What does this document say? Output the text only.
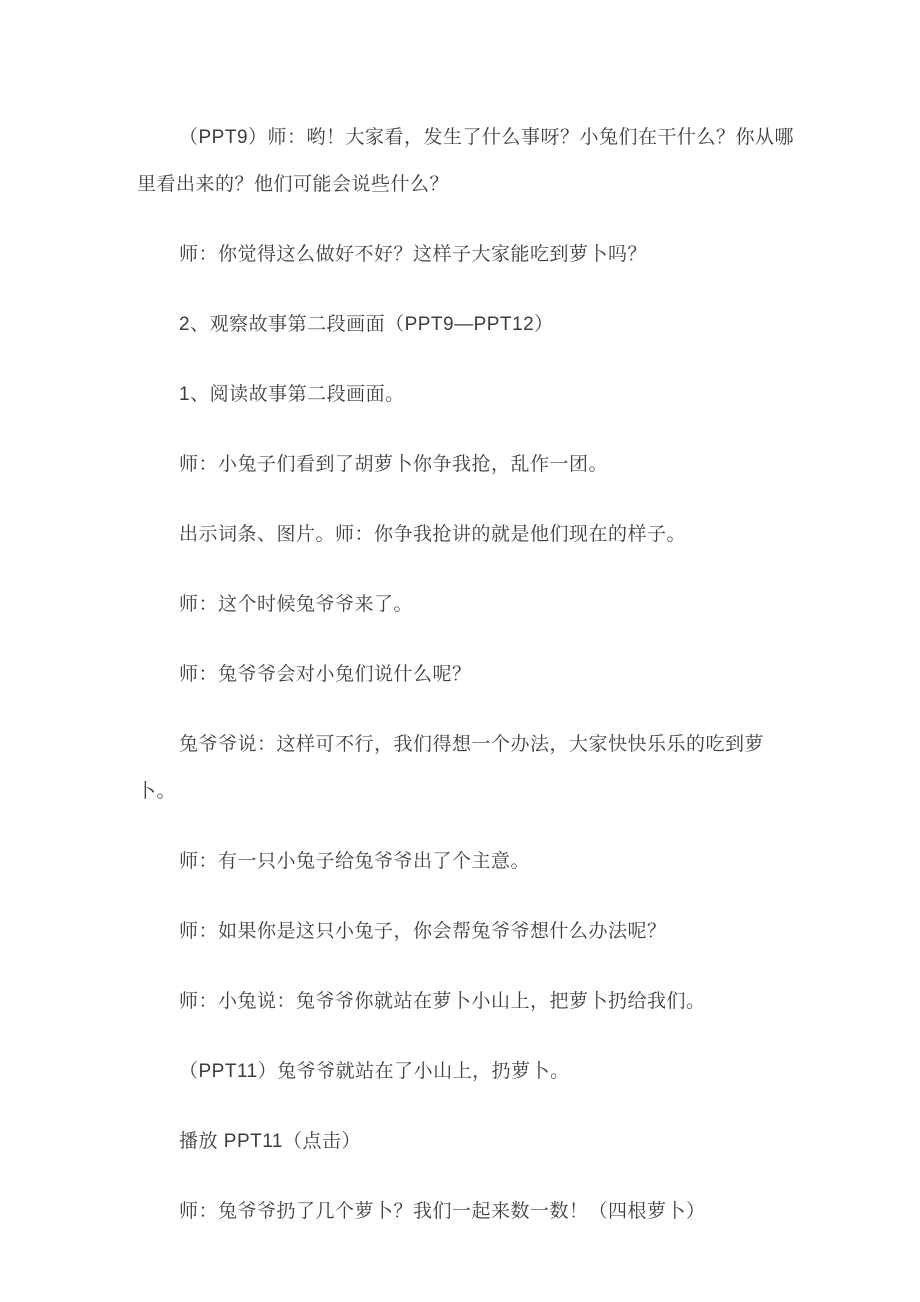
（PPT9）师：哟！大家看，发生了什么事呀？小兔们在干什么？你从哪里看出来的？他们可能会说些什么？

师：你觉得这么做好不好？这样子大家能吃到萝卜吗？

2、观察故事第二段画面（PPT9—PPT12）

1、阅读故事第二段画面。

师：小兔子们看到了胡萝卜你争我抢，乱作一团。

出示词条、图片。师：你争我抢讲的就是他们现在的样子。

师：这个时候兔爷爷来了。

师：兔爷爷会对小兔们说什么呢？

兔爷爷说：这样可不行，我们得想一个办法，大家快快乐乐的吃到萝卜。

师：有一只小兔子给兔爷爷出了个主意。

师：如果你是这只小兔子，你会帮兔爷爷想什么办法呢？

师：小兔说：兔爷爷你就站在萝卜小山上，把萝卜扔给我们。

（PPT11）兔爷爷就站在了小山上，扔萝卜。

播放 PPT11（点击）

师：兔爷爷扔了几个萝卜？我们一起来数一数！（四根萝卜）
